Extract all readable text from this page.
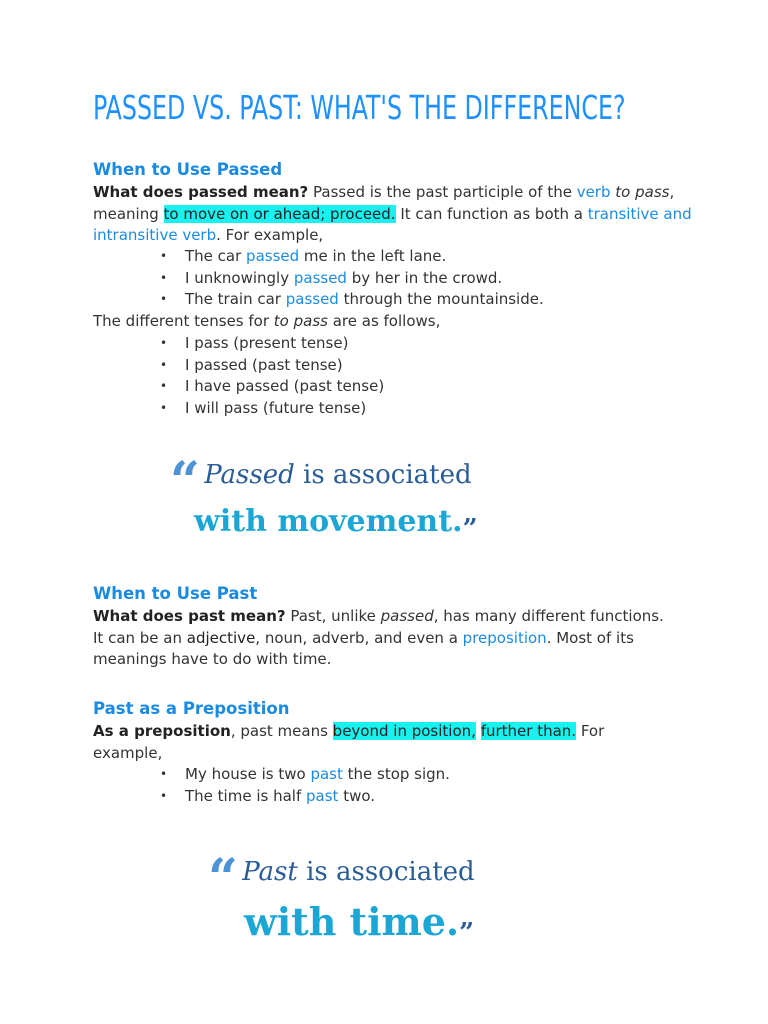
PASSED VS. PAST: WHAT'S THE DIFFERENCE?
When to Use Passed
What does passed mean? Passed is the past participle of the verb to pass, meaning to move on or ahead; proceed. It can function as both a transitive and intransitive verb. For example,
• The car passed me in the left lane.
• I unknowingly passed by her in the crowd.
• The train car passed through the mountainside.
The different tenses for to pass are as follows,
• I pass (present tense)
• I passed (past tense)
• I have passed (past tense)
• I will pass (future tense)
“ Passed is associated
with movement.”
When to Use Past
What does past mean? Past, unlike passed, has many different functions. It can be an adjective, noun, adverb, and even a preposition. Most of its meanings have to do with time.
Past as a Preposition
As a preposition, past means beyond in position, further than. For example,
• My house is two past the stop sign.
• The time is half past two.
“ Past is associated
with time.”
